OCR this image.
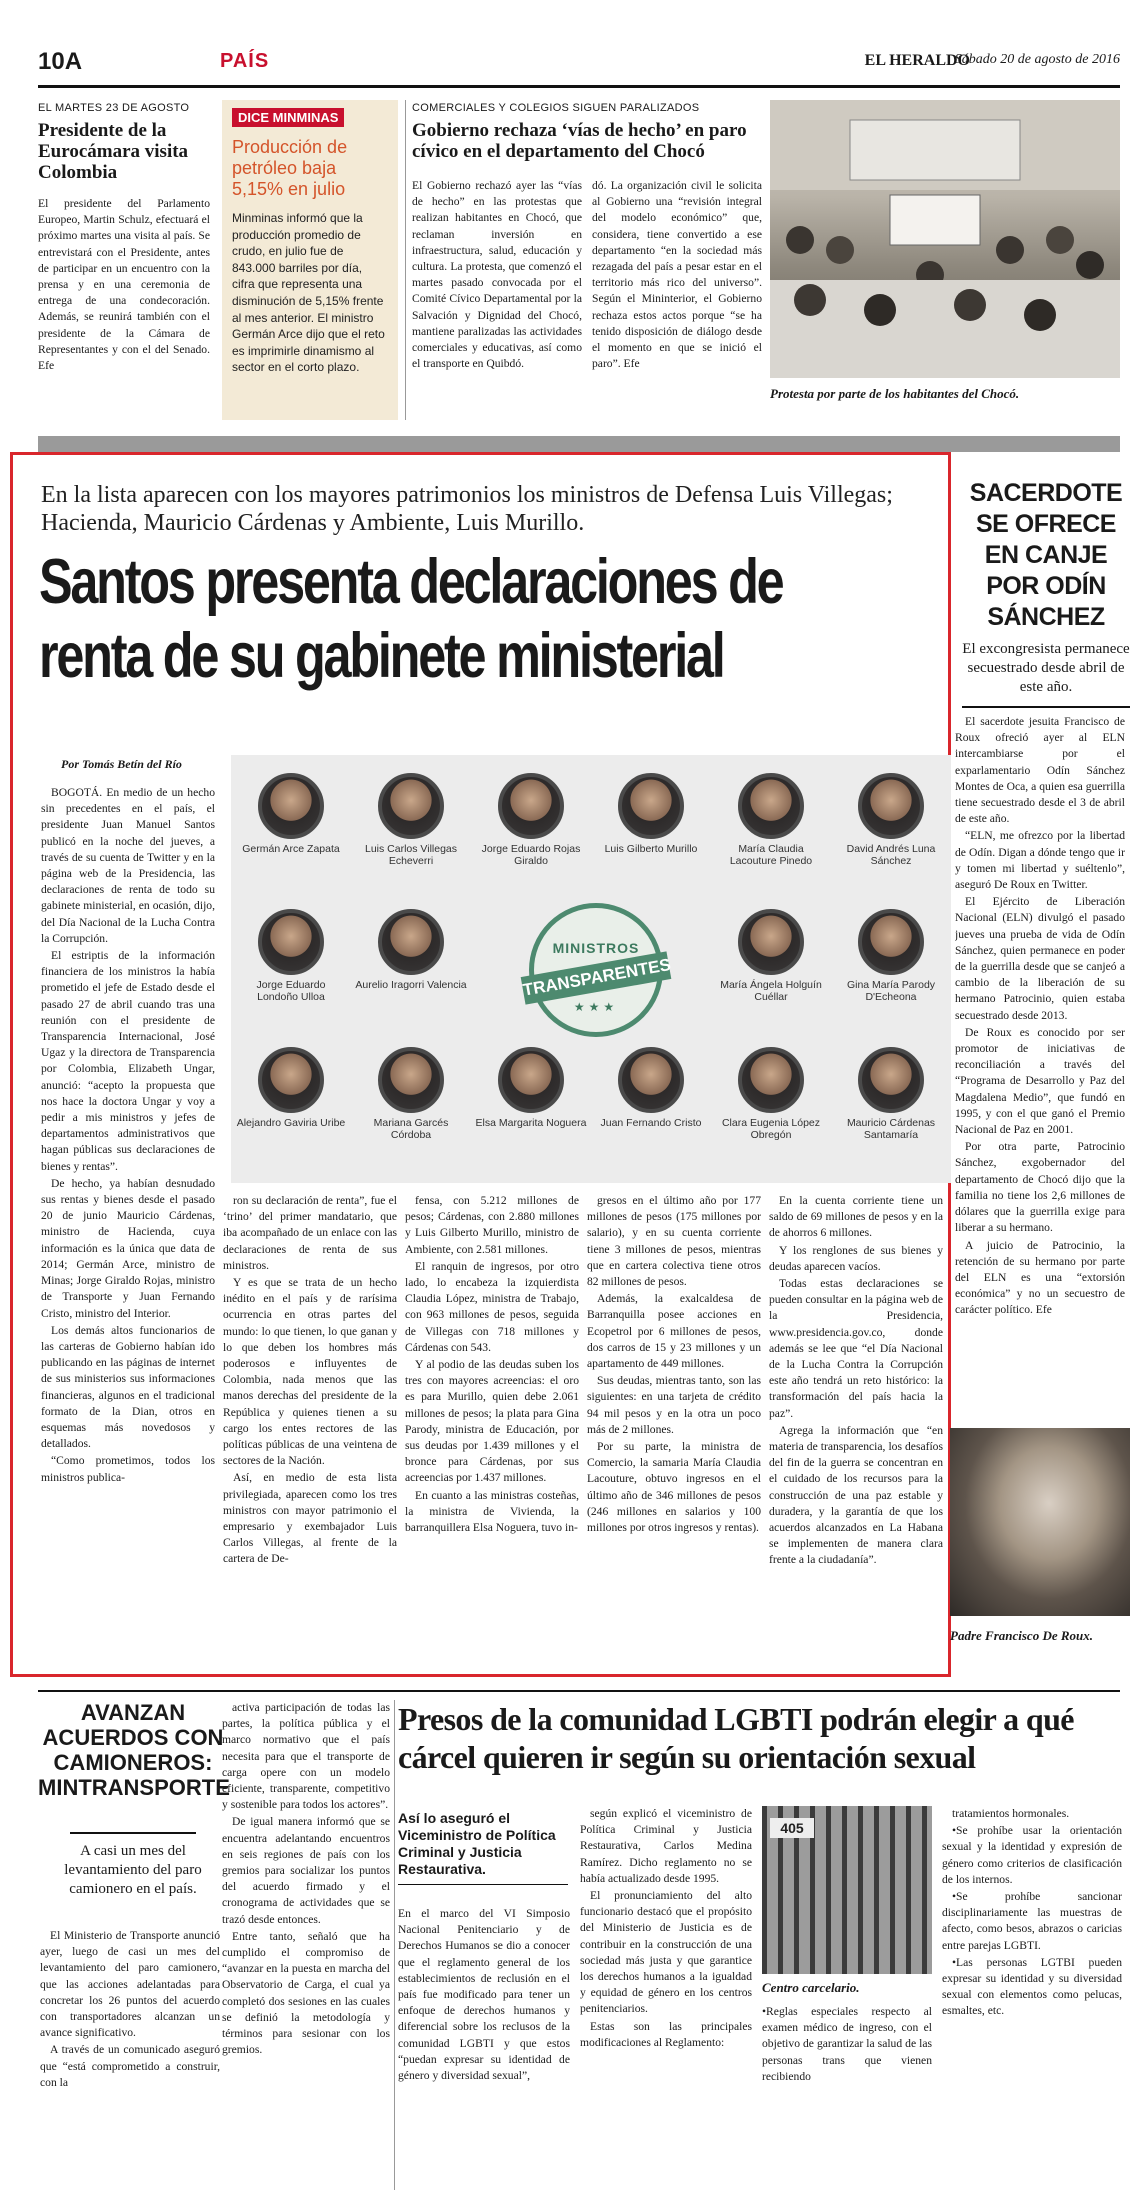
10A	PAÍS	EL HERALDO
Sábado 20 de agosto de 2016
EL MARTES 23 DE AGOSTO
Presidente de la Eurocámara visita Colombia
El presidente del Parlamento Europeo, Martin Schulz, efectuará el próximo martes una visita al país. Se entrevistará con el Presidente, antes de participar en un encuentro con la prensa y en una ceremonia de entrega de una condecoración. Además, se reunirá también con el presidente de la Cámara de Representantes y con el del Senado. Efe
DICE MINMINAS
Producción de petróleo baja 5,15% en julio
Minminas informó que la producción promedio de crudo, en julio fue de 843.000 barriles por día, cifra que representa una disminución de 5,15% frente al mes anterior. El ministro Germán Arce dijo que el reto es imprimirle dinamismo al sector en el corto plazo.
COMERCIALES Y COLEGIOS SIGUEN PARALIZADOS
Gobierno rechaza ‘vías de hecho’ en paro cívico en el departamento del Chocó
El Gobierno rechazó ayer las “vías de hecho” en las protestas que realizan habitantes en Chocó, que reclaman inversión en infraestructura, salud, educación y cultura. La protesta, que comenzó el martes pasado convocada por el Comité Cívico Departamental por la Salvación y Dignidad del Chocó, mantiene paralizadas las actividades comerciales y educativas, así como el transporte en Quibdó.
dó. La organización civil le solicita al Gobierno una “revisión integral del modelo económico” que, considera, tiene convertido a ese departamento “en la sociedad más rezagada del país a pesar estar en el territorio más rico del universo”. Según el Mininterior, el Gobierno rechaza estos actos porque “se ha tenido disposición de diálogo desde el momento en que se inició el paro”. Efe
Protesta por parte de los habitantes del Chocó.
En la lista aparecen con los mayores patrimonios los ministros de Defensa Luis Villegas; Hacienda, Mauricio Cárdenas y Ambiente, Luis Murillo.
Santos presenta declaraciones de
renta de su gabinete ministerial
Por Tomás Betín del Río
MINISTROS
TRANSPARENTES
★★★
Germán Arce Zapata	Luis Carlos Villegas Echeverri
Jorge Eduardo Rojas Giraldo
Luis Gilberto Murillo	María Claudia Lacouture Pinedo
David Andrés Luna Sánchez
Jorge Eduardo Londoño Ulloa
Aurelio Iragorri Valencia	María Ángela Holguín Cuéllar
Gina María Parody D'Echeona
Alejandro Gaviria Uribe	Mariana Garcés Córdoba
Elsa Margarita Noguera	Juan Fernando Cristo	Clara Eugenia López Obregón
Mauricio Cárdenas Santamaría

BOGOTÁ. En medio de un hecho sin precedentes en el país, el presidente Juan Manuel Santos publicó en la noche del jueves, a través de su cuenta de Twitter y en la página web de la Presidencia, las declaraciones de renta de todo su gabinete ministerial, en ocasión, dijo, del Día Nacional de la Lucha Contra la Corrupción.

El estriptis de la información financiera de los ministros la había prometido el jefe de Estado desde el pasado 27 de abril cuando tras una reunión con el presidente de Transparencia Internacional, José Ugaz y la directora de Transparencia por Colombia, Elizabeth Ungar, anunció: “acepto la propuesta que nos hace la doctora Ungar y voy a pedir a mis ministros y jefes de departamentos administrativos que hagan públicas sus declaraciones de bienes y rentas”.

De hecho, ya habían desnudado sus rentas y bienes desde el pasado 20 de junio Mauricio Cárdenas, ministro de Hacienda, cuya información es la única que data de 2014; Germán Arce, ministro de Minas; Jorge Giraldo Rojas, ministro de Transporte y Juan Fernando Cristo, ministro del Interior.

Los demás altos funcionarios de las carteras de Gobierno habían ido publicando en las páginas de internet de sus ministerios sus informaciones financieras, algunos en el tradicional formato de la Dian, otros en esquemas más novedosos y detallados.

“Como prometimos, todos los ministros publica-

ron su declaración de renta”, fue el ‘trino’ del primer mandatario, que iba acompañado de un enlace con las declaraciones de renta de sus ministros.

Y es que se trata de un hecho inédito en el país y de rarísima ocurrencia en otras partes del mundo: lo que tienen, lo que ganan y lo que deben los hombres más poderosos e influyentes de Colombia, nada menos que las manos derechas del presidente de la República y quienes tienen a su cargo los entes rectores de las políticas públicas de una veintena de sectores de la Nación.

Así, en medio de esta lista privilegiada, aparecen como los tres ministros con mayor patrimonio el empresario y exembajador Luis Carlos Villegas, al frente de la cartera de De-

fensa, con 5.212 millones de pesos; Cárdenas, con 2.880 millones y Luis Gilberto Murillo, ministro de Ambiente, con 2.581 millones.

El ranquin de ingresos, por otro lado, lo encabeza la izquierdista Claudia López, ministra de Trabajo, con 963 millones de pesos, seguida de Villegas con 718 millones y Cárdenas con 543.

Y al podio de las deudas suben los tres con mayores acreencias: el oro es para Murillo, quien debe 2.061 millones de pesos; la plata para Gina Parody, ministra de Educación, por sus deudas por 1.439 millones y el bronce para Cárdenas, por sus acreencias por 1.437 millones.

En cuanto a las ministras costeñas, la ministra de Vivienda, la barranquillera Elsa Noguera, tuvo in-

gresos en el último año por 177 millones de pesos (175 millones por salario), y en su cuenta corriente tiene 3 millones de pesos, mientras que en cartera colectiva tiene otros 82 millones de pesos.

Además, la exalcaldesa de Barranquilla posee acciones en Ecopetrol por 6 millones de pesos, dos carros de 15 y 23 millones y un apartamento de 449 millones.

Sus deudas, mientras tanto, son las siguientes: en una tarjeta de crédito 94 mil pesos y en la otra un poco más de 2 millones.

Por su parte, la ministra de Comercio, la samaria María Claudia Lacouture, obtuvo ingresos en el último año de 346 millones de pesos (246 millones en salarios y 100 millones por otros ingresos y rentas).

En la cuenta corriente tiene un saldo de 69 millones de pesos y en la de ahorros 6 millones.

Y los renglones de sus bienes y deudas aparecen vacíos.

Todas estas declaraciones se pueden consultar en la página web de la Presidencia, www.presidencia.gov.co, donde además se lee que “el Día Nacional de la Lucha Contra la Corrupción este año tendrá un reto histórico: la transformación del país hacia la paz”.

Agrega la información que “en materia de transparencia, los desafíos del fin de la guerra se concentran en el cuidado de los recursos para la construcción de una paz estable y duradera, y la garantía de que los acuerdos alcanzados en La Habana se implementen de manera clara frente a la ciudadanía”.

SACERDOTE SE OFRECE EN CANJE POR ODÍN SÁNCHEZ
El excongresista permanece secuestrado desde abril de este año.

El sacerdote jesuita Francisco de Roux ofreció ayer al ELN intercambiarse por el exparlamentario Odín Sánchez Montes de Oca, a quien esa guerrilla tiene secuestrado desde el 3 de abril de este año.

“ELN, me ofrezco por la libertad de Odín. Digan a dónde tengo que ir y tomen mi libertad y suéltenlo”, aseguró De Roux en Twitter.

El Ejército de Liberación Nacional (ELN) divulgó el pasado jueves una prueba de vida de Odín Sánchez, quien permanece en poder de la guerrilla desde que se canjeó a cambio de la liberación de su hermano Patrocinio, quien estaba secuestrado desde 2013.

De Roux es conocido por ser promotor de iniciativas de reconciliación a través del “Programa de Desarrollo y Paz del Magdalena Medio”, que fundó en 1995, y con el que ganó el Premio Nacional de Paz en 2001.

Por otra parte, Patrocinio Sánchez, exgobernador del departamento de Chocó dijo que la familia no tiene los 2,6 millones de dólares que la guerrilla exige para liberar a su hermano.

A juicio de Patrocinio, la retención de su hermano por parte del ELN es una “extorsión económica” y no un secuestro de carácter político. Efe

Padre Francisco De Roux.
AVANZAN ACUERDOS CON CAMIONEROS: MINTRANSPORTE
A casi un mes del levantamiento del paro camionero en el país.

El Ministerio de Transporte anunció ayer, luego de casi un mes del levantamiento del paro camionero, que las acciones adelantadas para concretar los 26 puntos del acuerdo con transportadores alcanzan un avance significativo.

A través de un comunicado aseguró que “está comprometido a construir, con la

activa participación de todas las partes, la política pública y el marco normativo que el país necesita para que el transporte de carga opere con un modelo eficiente, transparente, competitivo y sostenible para todos los actores”.

De igual manera informó que se encuentra adelantando encuentros en seis regiones de país con los gremios para socializar los puntos del acuerdo firmado y el cronograma de actividades que se trazó desde entonces.

Entre tanto, señaló que ha cumplido el compromiso de “avanzar en la puesta en marcha del Observatorio de Carga, el cual ya completó dos sesiones en las cuales se definió la metodología y términos para sesionar con los gremios.

Presos de la comunidad LGBTI podrán elegir a qué cárcel quieren ir según su orientación sexual
Así lo aseguró el Viceministro de Política Criminal y Justicia Restaurativa.
En el marco del VI Simposio Nacional Penitenciario y de Derechos Humanos se dio a conocer que el reglamento general de los establecimientos de reclusión en el país fue modificado para tener un enfoque de derechos humanos y diferencial sobre los reclusos de la comunidad LGBTI y que estos “puedan expresar su identidad de género y diversidad sexual”,

según explicó el viceministro de Política Criminal y Justicia Restaurativa, Carlos Medina Ramírez. Dicho reglamento no se había actualizado desde 1995.

El pronunciamiento del alto funcionario destacó que el propósito del Ministerio de Justicia es de contribuir en la construcción de una sociedad más justa y que garantice los derechos humanos a la igualdad y equidad de género en los centros penitenciarios.

Estas son las principales modificaciones al Reglamento:

405
Centro carcelario.
•Reglas especiales respecto al examen médico de ingreso, con el objetivo de garantizar la salud de las personas trans que vienen recibiendo

tratamientos hormonales.

•Se prohíbe usar la orientación sexual y la identidad y expresión de género como criterios de clasificación de los internos.

•Se prohíbe sancionar disciplinariamente las muestras de afecto, como besos, abrazos o caricias entre parejas LGBTI.

•Las personas LGTBI pueden expresar su identidad y su diversidad sexual con elementos como pelucas, esmaltes, etc.
